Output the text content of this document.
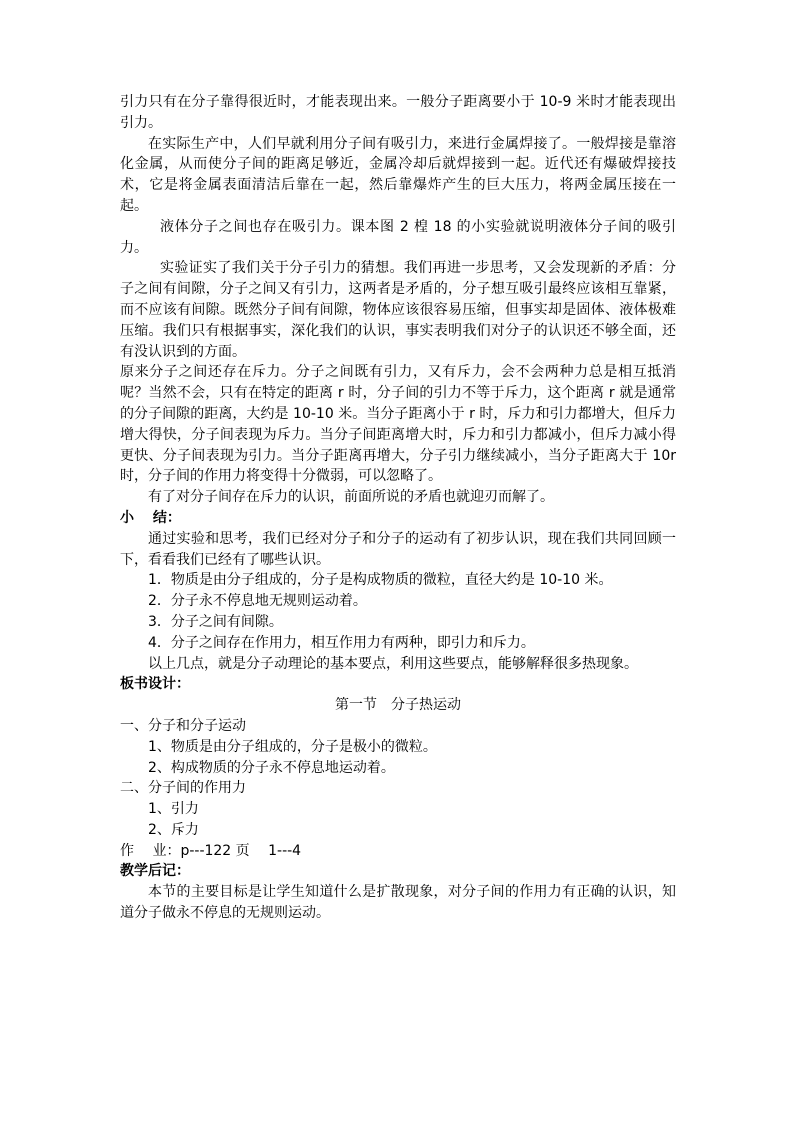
引力只有在分子靠得很近时，才能表现出来。一般分子距离要小于 10-9 米时才能表现出引力。

在实际生产中，人们早就利用分子间有吸引力，来进行金属焊接了。一般焊接是靠溶化金属，从而使分子间的距离足够近，金属冷却后就焊接到一起。近代还有爆破焊接技术，它是将金属表面清洁后靠在一起，然后靠爆炸产生的巨大压力，将两金属压接在一起。

液体分子之间也存在吸引力。课本图 2 楻 18 的小实验就说明液体分子间的吸引力。

实验证实了我们关于分子引力的猜想。我们再进一步思考，又会发现新的矛盾：分子之间有间隙，分子之间又有引力，这两者是矛盾的，分子想互吸引最终应该相互靠紧，而不应该有间隙。既然分子间有间隙，物体应该很容易压缩，但事实却是固体、液体极难压缩。我们只有根据事实，深化我们的认识，事实表明我们对分子的认识还不够全面，还有没认识到的方面。

原来分子之间还存在斥力。分子之间既有引力，又有斥力，会不会两种力总是相互抵消呢？当然不会，只有在特定的距离 r 时，分子间的引力不等于斥力，这个距离 r 就是通常的分子间隙的距离，大约是 10-10 米。当分子距离小于 r 时，斥力和引力都增大，但斥力增大得快，分子间表现为斥力。当分子间距离增大时，斥力和引力都减小，但斥力减小得更快、分子间表现为引力。当分子距离再增大，分子引力继续减小，当分子距离大于 10r 时，分子间的作用力将变得十分微弱，可以忽略了。

有了对分子间存在斥力的认识，前面所说的矛盾也就迎刃而解了。

小　 结：

通过实验和思考，我们已经对分子和分子的运动有了初步认识，现在我们共同回顾一下，看看我们已经有了哪些认识。

1．物质是由分子组成的，分子是构成物质的微粒，直径大约是 10-10 米。

2．分子永不停息地无规则运动着。

3．分子之间有间隙。

4．分子之间存在作用力，相互作用力有两种，即引力和斥力。

以上几点，就是分子动理论的基本要点，利用这些要点，能够解释很多热现象。

板书设计：

第一节　分子热运动

一、分子和分子运动

1、物质是由分子组成的，分子是极小的微粒。

2、构成物质的分子永不停息地运动着。

二、分子间的作用力

1、引力

2、斥力

作　 业：p---122 页　 1---4

教学后记：

本节的主要目标是让学生知道什么是扩散现象，对分子间的作用力有正确的认识，知道分子做永不停息的无规则运动。
